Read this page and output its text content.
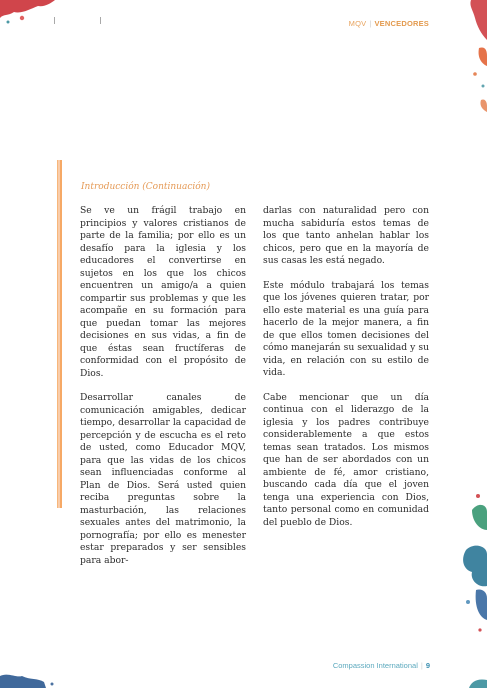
MQV | VENCEDORES
Introducción (Continuación)

Se ve un frágil trabajo en principios y valores cristianos de parte de la familia; por ello es un desafío para la iglesia y los educadores el convertirse en sujetos en los que los chicos encuentren un amigo/a a quien compartir sus problemas y que les acompañe en su formación para que puedan tomar las mejores decisiones en sus vidas, a fin de que éstas sean fructíferas de conformidad con el propósito de Dios.

Desarrollar canales de comunicación amigables, dedicar tiempo, desarrollar la capacidad de percepción y de escucha es el reto de usted, como Educador MQV, para que las vidas de los chicos sean influenciadas conforme al Plan de Dios. Será usted quien reciba preguntas sobre la masturbación, las relaciones sexuales antes del matrimonio, la pornografía; por ello es menester estar preparados y ser sensibles para abor-

darlas con naturalidad pero con mucha sabiduría estos temas de los que tanto anhelan hablar los chicos, pero que en la mayoría de sus casas les está negado.

Este módulo trabajará los temas que los jóvenes quieren tratar, por ello este material es una guía para hacerlo de la mejor manera, a fin de que ellos tomen decisiones del cómo manejarán su sexualidad y su vida, en relación con su estilo de vida.

Cabe mencionar que un día continua con el liderazgo de la iglesia y los padres contribuye considerablemente a que estos temas sean tratados. Los mismos que han de ser abordados con un ambiente de fé, amor cristiano, buscando cada día que el joven tenga una experiencia con Dios, tanto personal como en comunidad del pueblo de Dios.

Compassion International | 9
